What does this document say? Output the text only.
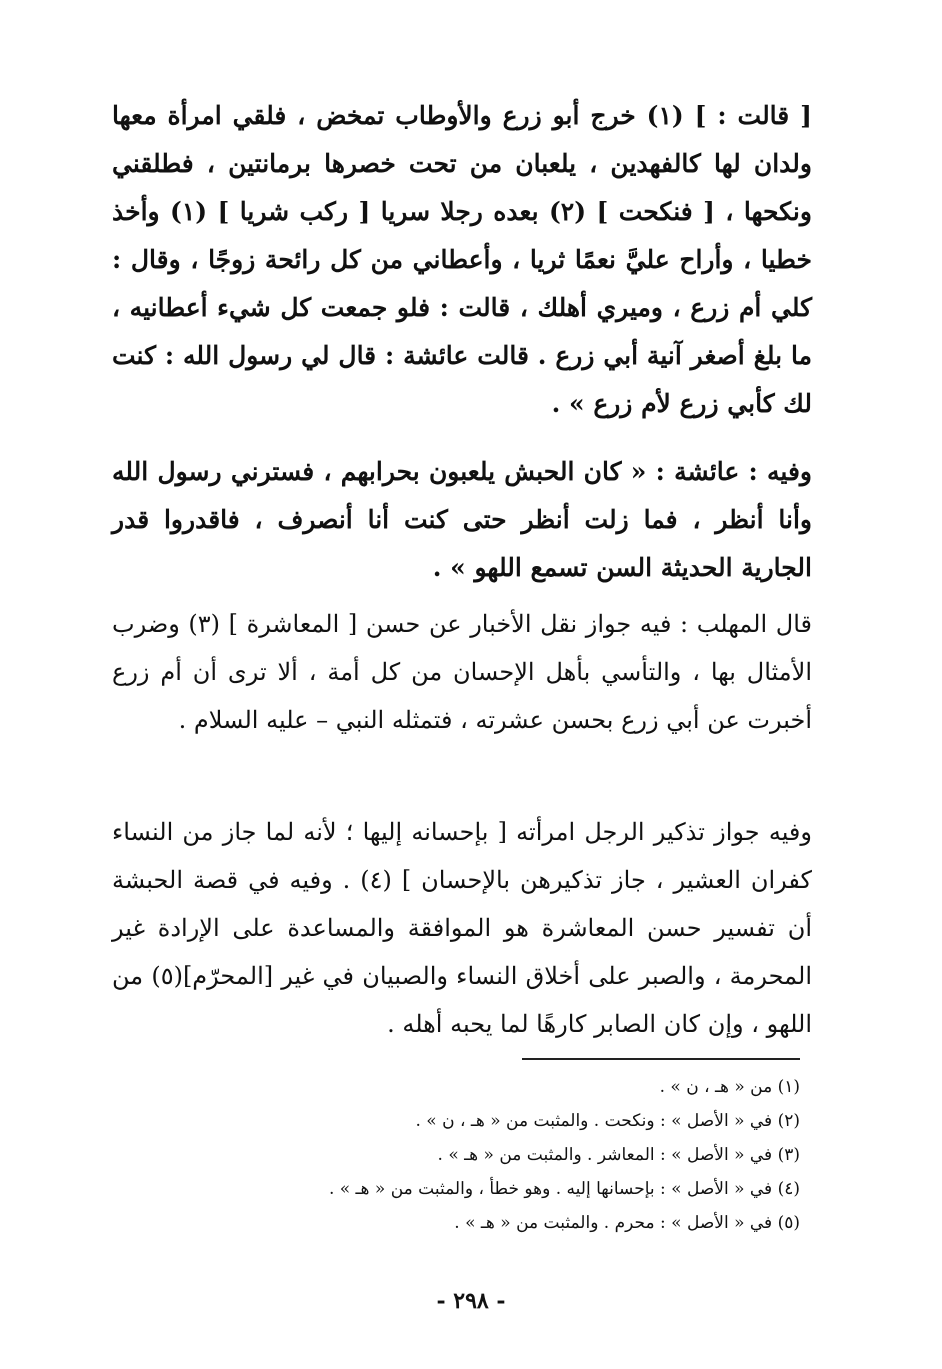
[ قالت : ] (١) خرج أبو زرع والأوطاب تمخض ، فلقي امرأة معها ولدان لها كالفهدين ، يلعبان من تحت خصرها برمانتين ، فطلقني ونكحها ، [ فنكحت ] (٢) بعده رجلا سريا [ ركب شريا ] (١) وأخذ خطيا ، وأراح عليَّ نعمًا ثريا ، وأعطاني من كل رائحة زوجًا ، وقال : كلي أم زرع ، وميري أهلك ، قالت : فلو جمعت كل شيء أعطانيه ، ما بلغ أصغر آنية أبي زرع . قالت عائشة : قال لي رسول الله : كنت لك كأبي زرع لأم زرع » .

وفيه : عائشة : « كان الحبش يلعبون بحرابهم ، فسترني رسول الله وأنا أنظر ، فما زلت أنظر حتى كنت أنا أنصرف ، فاقدروا قدر الجارية الحديثة السن تسمع اللهو » .

قال المهلب : فيه جواز نقل الأخبار عن حسن [ المعاشرة ] (٣) وضرب الأمثال بها ، والتأسي بأهل الإحسان من كل أمة ، ألا ترى أن أم زرع أخبرت عن أبي زرع بحسن عشرته ، فتمثله النبي – عليه السلام .

وفيه جواز تذكير الرجل امرأته [ بإحسانه إليها ؛ لأنه لما جاز من النساء كفران العشير ، جاز تذكيرهن بالإحسان ] (٤) . وفيه في قصة الحبشة أن تفسير حسن المعاشرة هو الموافقة والمساعدة على الإرادة غير المحرمة ، والصبر على أخلاق النساء والصبيان في غير [المحرّم](٥) من اللهو ، وإن كان الصابر كارهًا لما يحبه أهله .

(١) من « هـ ، ن » .

(٢) في « الأصل » : ونكحت . والمثبت من « هـ ، ن » .

(٣) في « الأصل » : المعاشر . والمثبت من « هـ » .

(٤) في « الأصل » : بإحسانها إليه . وهو خطأ ، والمثبت من « هـ » .

(٥) في « الأصل » : محرم . والمثبت من « هـ » .

- ٢٩٨ -
